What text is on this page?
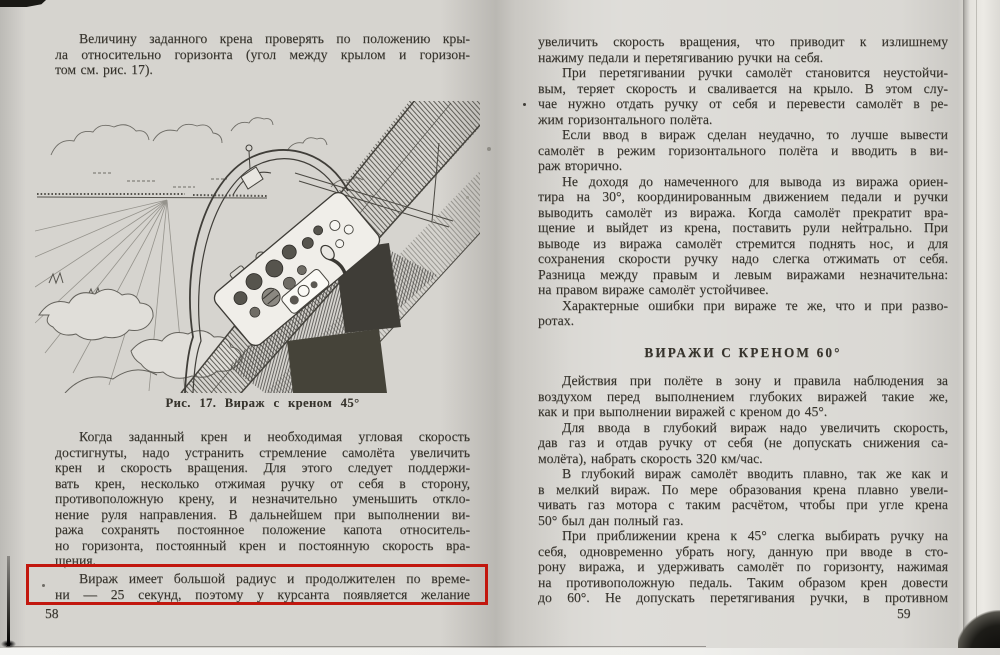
Величину заданного крена проверять по положению кры-
ла относительно горизонта (угол между крылом и горизон-
том см. рис. 17).
Рис. 17. Вираж с креном 45°
Когда заданный крен и необходимая угловая скорость
достигнуты, надо устранить стремление самолёта увеличить
крен и скорость вращения. Для этого следует поддержи-
вать крен, несколько отжимая ручку от себя в сторону,
противоположную крену, и незначительно уменьшить откло-
нение руля направления. В дальнейшем при выполнении ви-
ража сохранять постоянное положение капота относитель-
но горизонта, постоянный крен и постоянную скорость вра-
щения.
Вираж имеет большой радиус и продолжителен по време-
ни — 25 секунд, поэтому у курсанта появляется желание
58
увеличить скорость вращения, что приводит к излишнему
нажиму педали и перетягиванию ручки на себя.
При перетягивании ручки самолёт становится неустойчи-
вым, теряет скорость и сваливается на крыло. В этом слу-
чае нужно отдать ручку от себя и перевести самолёт в ре-
жим горизонтального полёта.
Если ввод в вираж сделан неудачно, то лучше вывести
самолёт в режим горизонтального полёта и вводить в ви-
раж вторично.
Не доходя до намеченного для вывода из виража ориен-
тира на 30°, координированным движением педали и ручки
выводить самолёт из виража. Когда самолёт прекратит вра-
щение и выйдет из крена, поставить рули нейтрально. При
выводе из виража самолёт стремится поднять нос, и для
сохранения скорости ручку надо слегка отжимать от себя.
Разница между правым и левым виражами незначительна:
на правом вираже самолёт устойчивее.
Характерные ошибки при вираже те же, что и при разво-
ротах.
ВИРАЖИ С КРЕНОМ 60°
Действия при полёте в зону и правила наблюдения за
воздухом перед выполнением глубоких виражей такие же,
как и при выполнении виражей с креном до 45°.
Для ввода в глубокий вираж надо увеличить скорость,
дав газ и отдав ручку от себя (не допускать снижения са-
молёта), набрать скорость 320 км/час.
В глубокий вираж самолёт вводить плавно, так же как и
в мелкий вираж. По мере образования крена плавно увели-
чивать газ мотора с таким расчётом, чтобы при угле крена
50° был дан полный газ.
При приближении крена к 45° слегка выбирать ручку на
себя, одновременно убрать ногу, данную при вводе в сто-
рону виража, и удерживать самолёт по горизонту, нажимая
на противоположную педаль. Таким образом крен довести
до 60°. Не допускать перетягивания ручки, в противном
59
